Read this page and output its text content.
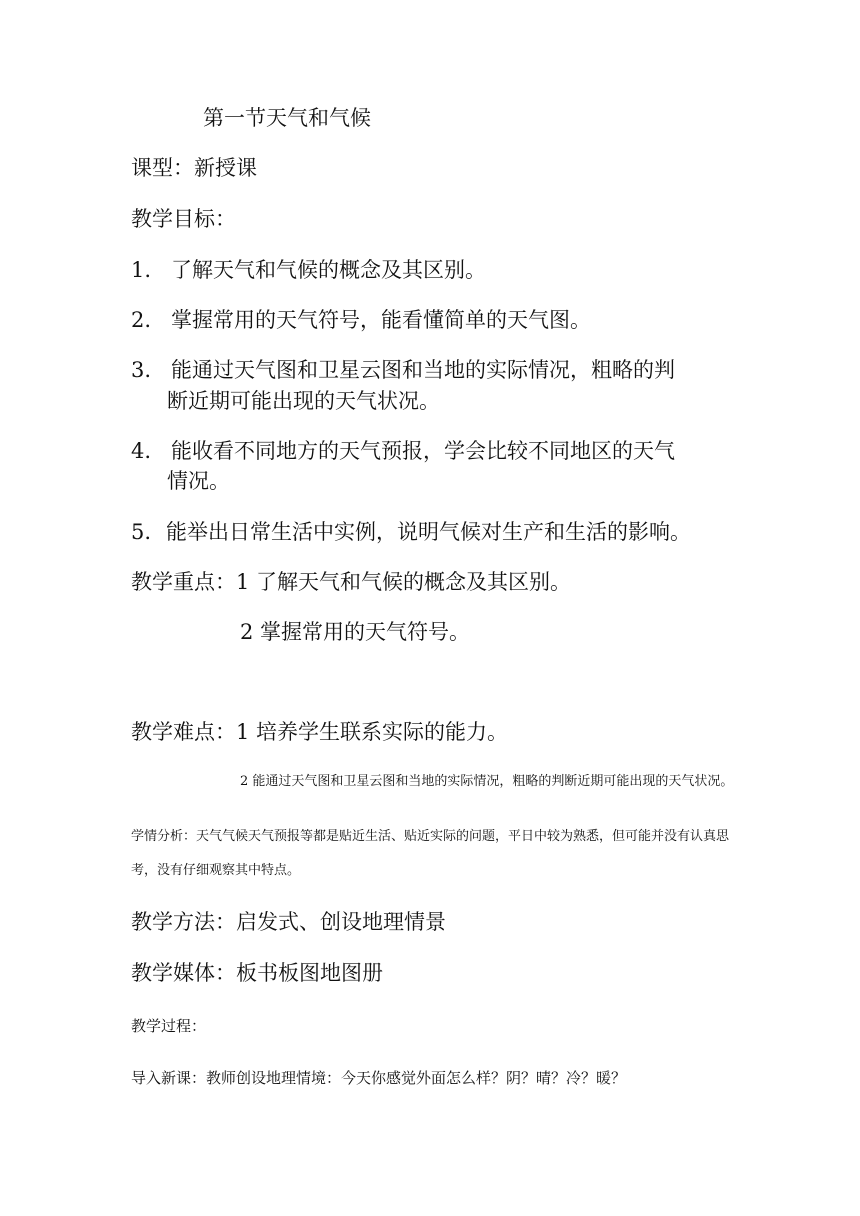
第一节天气和气候
课型：新授课
教学目标：
1. 了解天气和气候的概念及其区别。
2. 掌握常用的天气符号，能看懂简单的天气图。
3. 能通过天气图和卫星云图和当地的实际情况，粗略的判
断近期可能出现的天气状况。
4. 能收看不同地方的天气预报，学会比较不同地区的天气
情况。
5. 能举出日常生活中实例，说明气候对生产和生活的影响。
教学重点：1 了解天气和气候的概念及其区别。
2 掌握常用的天气符号。
教学难点：1 培养学生联系实际的能力。
2 能通过天气图和卫星云图和当地的实际情况，粗略的判断近期可能出现的天气状况。
学情分析：天气气候天气预报等都是贴近生活、贴近实际的问题，平日中较为熟悉，但可能并没有认真思
考，没有仔细观察其中特点。
教学方法：启发式、创设地理情景
教学媒体：板书板图地图册
教学过程：
导入新课：教师创设地理情境：今天你感觉外面怎么样？阴？晴？冷？暖？
